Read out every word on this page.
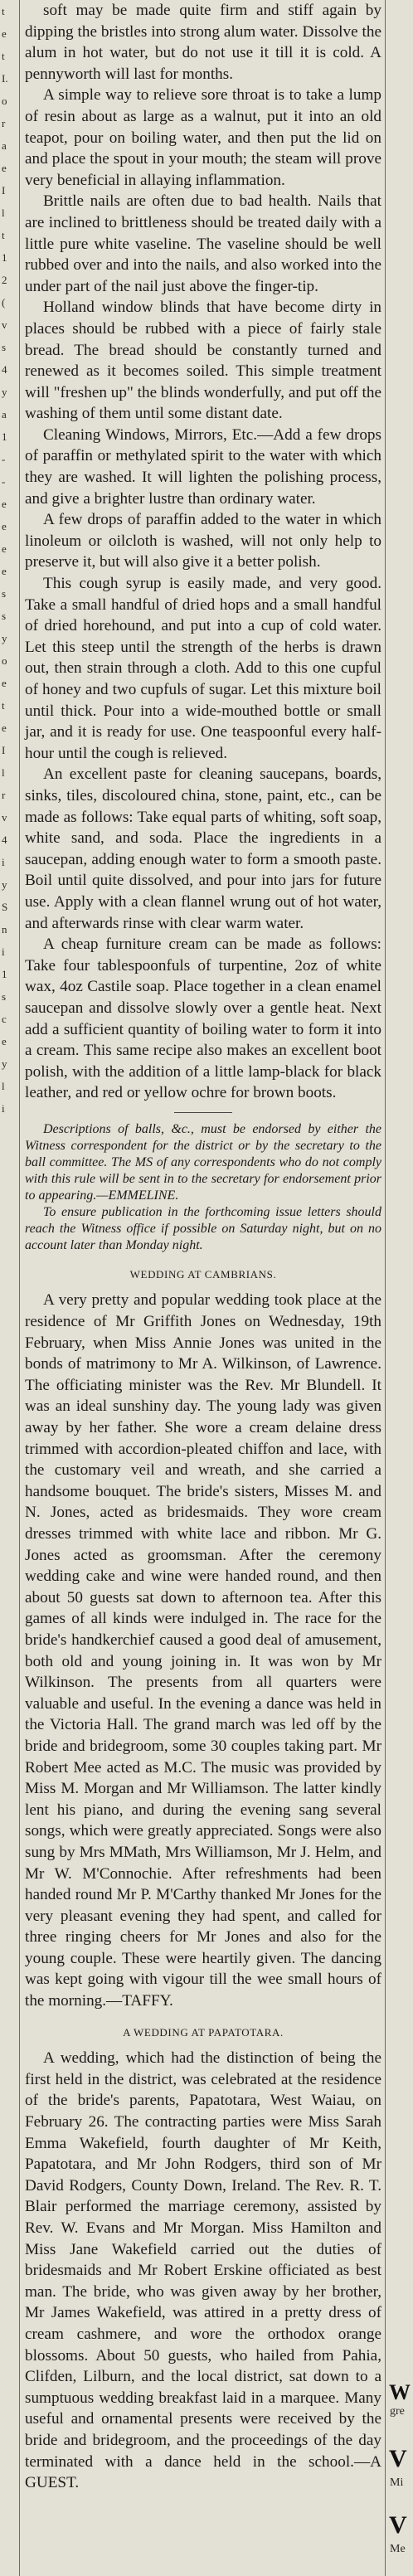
t
e
t
I.
o
r
a
e
I
l
t
1
2
(
v
s
4
y
a
1
-
-
e
e
e
e
s
s
y
o
e
t
e
I
l
r
v
4
i
y
S
n
i
1
s
c
e
y
l
i

soft may be made quite firm and stiff again by dipping the bristles into strong alum water. Dissolve the alum in hot water, but do not use it till it is cold. A pennyworth will last for months.

A simple way to relieve sore throat is to take a lump of resin about as large as a walnut, put it into an old teapot, pour on boiling water, and then put the lid on and place the spout in your mouth; the steam will prove very beneficial in allaying inflammation.

Brittle nails are often due to bad health. Nails that are inclined to brittleness should be treated daily with a little pure white vaseline. The vaseline should be well rubbed over and into the nails, and also worked into the under part of the nail just above the finger-tip.

Holland window blinds that have become dirty in places should be rubbed with a piece of fairly stale bread. The bread should be constantly turned and renewed as it becomes soiled. This simple treatment will "freshen up" the blinds wonderfully, and put off the washing of them until some distant date.

Cleaning Windows, Mirrors, Etc.—Add a few drops of paraffin or methylated spirit to the water with which they are washed. It will lighten the polishing process, and give a brighter lustre than ordinary water.

A few drops of paraffin added to the water in which linoleum or oilcloth is washed, will not only help to preserve it, but will also give it a better polish.

This cough syrup is easily made, and very good. Take a small handful of dried hops and a small handful of dried horehound, and put into a cup of cold water. Let this steep until the strength of the herbs is drawn out, then strain through a cloth. Add to this one cupful of honey and two cupfuls of sugar. Let this mixture boil until thick. Pour into a wide-mouthed bottle or small jar, and it is ready for use. One teaspoonful every half-hour until the cough is relieved.

An excellent paste for cleaning saucepans, boards, sinks, tiles, discoloured china, stone, paint, etc., can be made as follows: Take equal parts of whiting, soft soap, white sand, and soda. Place the ingredients in a saucepan, adding enough water to form a smooth paste. Boil until quite dissolved, and pour into jars for future use. Apply with a clean flannel wrung out of hot water, and afterwards rinse with clear warm water.

A cheap furniture cream can be made as follows: Take four tablespoonfuls of turpentine, 2oz of white wax, 4oz Castile soap. Place together in a clean enamel saucepan and dissolve slowly over a gentle heat. Next add a sufficient quantity of boiling water to form it into a cream. This same recipe also makes an excellent boot polish, with the addition of a little lamp-black for black leather, and red or yellow ochre for brown boots.

Descriptions of balls, &c., must be endorsed by either the Witness correspondent for the district or by the secretary to the ball committee. The MS of any correspondents who do not comply with this rule will be sent in to the secretary for endorsement prior to appearing.—EMMELINE.

To ensure publication in the forthcoming issue letters should reach the Witness office if possible on Saturday night, but on no account later than Monday night.

WEDDING AT CAMBRIANS.

A very pretty and popular wedding took place at the residence of Mr Griffith Jones on Wednesday, 19th February, when Miss Annie Jones was united in the bonds of matrimony to Mr A. Wilkinson, of Lawrence. The officiating minister was the Rev. Mr Blundell. It was an ideal sunshiny day. The young lady was given away by her father. She wore a cream delaine dress trimmed with accordion-pleated chiffon and lace, with the customary veil and wreath, and she carried a handsome bouquet. The bride's sisters, Misses M. and N. Jones, acted as bridesmaids. They wore cream dresses trimmed with white lace and ribbon. Mr G. Jones acted as groomsman. After the ceremony wedding cake and wine were handed round, and then about 50 guests sat down to afternoon tea. After this games of all kinds were indulged in. The race for the bride's handkerchief caused a good deal of amusement, both old and young joining in. It was won by Mr Wilkinson. The presents from all quarters were valuable and useful. In the evening a dance was held in the Victoria Hall. The grand march was led off by the bride and bridegroom, some 30 couples taking part. Mr Robert Mee acted as M.C. The music was provided by Miss M. Morgan and Mr Williamson. The latter kindly lent his piano, and during the evening sang several songs, which were greatly appreciated. Songs were also sung by Mrs MMath, Mrs Williamson, Mr J. Helm, and Mr W. M'Connochie. After refreshments had been handed round Mr P. M'Carthy thanked Mr Jones for the very pleasant evening they had spent, and called for three ringing cheers for Mr Jones and also for the young couple. These were heartily given. The dancing was kept going with vigour till the wee small hours of the morning.—TAFFY.

A WEDDING AT PAPATOTARA.

A wedding, which had the distinction of being the first held in the district, was celebrated at the residence of the bride's parents, Papatotara, West Waiau, on February 26. The contracting parties were Miss Sarah Emma Wakefield, fourth daughter of Mr Keith, Papatotara, and Mr John Rodgers, third son of Mr David Rodgers, County Down, Ireland. The Rev. R. T. Blair performed the marriage ceremony, assisted by Rev. W. Evans and Mr Morgan. Miss Hamilton and Miss Jane Wakefield carried out the duties of bridesmaids and Mr Robert Erskine officiated as best man. The bride, who was given away by her brother, Mr James Wakefield, was attired in a pretty dress of cream cashmere, and wore the orthodox orange blossoms. About 50 guests, who hailed from Pahia, Clifden, Lilburn, and the local district, sat down to a sumptuous wedding breakfast laid in a marquee. Many useful and ornamental presents were received by the bride and bridegroom, and the proceedings of the day terminated with a dance held in the school.—A GUEST.

W
gre
V
Mi
V
Me
